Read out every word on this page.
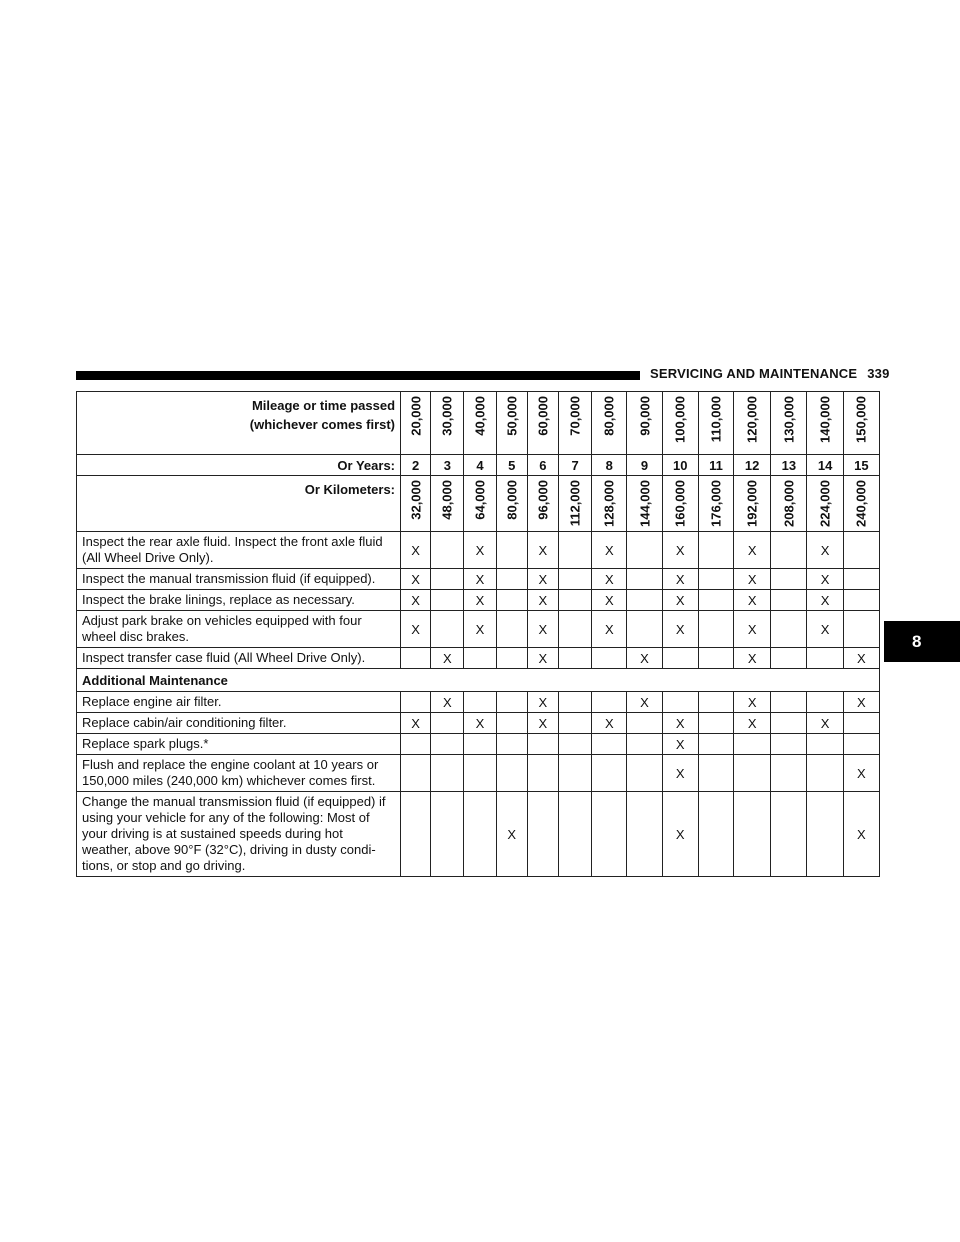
SERVICING AND MAINTENANCE 339
8
Mileage or time passed
(whichever comes first)	20,000	30,000	40,000	50,000	60,000	70,000	80,000	90,000	100,000	110,000	120,000	130,000	140,000	150,000

Or Years:	2	3	4	5	6	7	8	9	10	11	12	13	14	15
Or Kilometers:	32,000	48,000	64,000	80,000	96,000	112,000	128,000	144,000	160,000	176,000	192,000	208,000	224,000	240,000

Inspect the rear axle fluid. Inspect the front axle fluid (All Wheel Drive Only).	X		X		X		X		X		X		X	
Inspect the manual transmission fluid (if equipped).	X		X		X		X		X		X		X	
Inspect the brake linings, replace as necessary.	X		X		X		X		X		X		X	
Adjust park brake on vehicles equipped with four wheel disc brakes.	X		X		X		X		X		X		X	
Inspect transfer case fluid (All Wheel Drive Only).		X			X			X			X			X
Additional Maintenance														
Replace engine air filter.		X			X			X			X			X
Replace cabin/air conditioning filter.	X		X		X		X		X		X		X	
Replace spark plugs.*									X					
Flush and replace the engine coolant at 10 years or 150,000 miles (240,000 km) whichever comes first.									X					X
Change the manual transmission fluid (if equipped) if using your vehicle for any of the following: Most of your driving is at sustained speeds during hot weather, above 90°F (32°C), driving in dusty condi- tions, or stop and go driving.				X					X					X
